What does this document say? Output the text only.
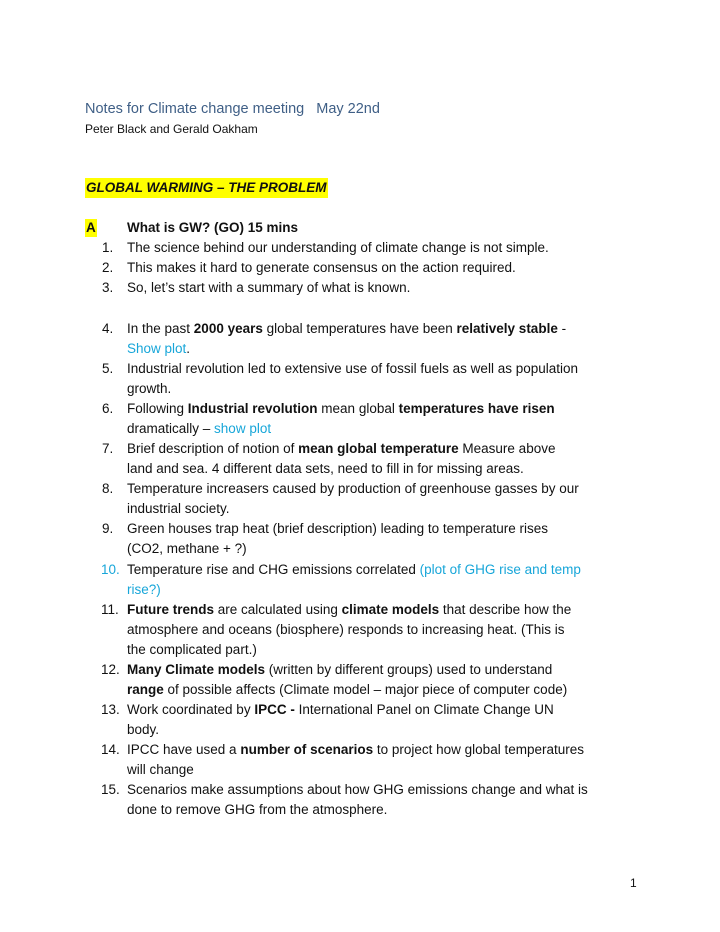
Notes for Climate change meeting May 22nd
Peter Black and Gerald Oakham
GLOBAL WARMING – THE PROBLEM
A What is GW? (GO) 15 mins
1. The science behind our understanding of climate change is not simple.
2. This makes it hard to generate consensus on the action required.
3. So, let’s start with a summary of what is known.
4. In the past 2000 years global temperatures have been relatively stable -
Show plot.
5. Industrial revolution led to extensive use of fossil fuels as well as population
growth.
6. Following Industrial revolution mean global temperatures have risen
dramatically – show plot
7. Brief description of notion of mean global temperature Measure above
land and sea. 4 different data sets, need to fill in for missing areas.
8. Temperature increasers caused by production of greenhouse gasses by our
industrial society.
9. Green houses trap heat (brief description) leading to temperature rises
(CO2, methane + ?)
10. Temperature rise and CHG emissions correlated (plot of GHG rise and temp
rise?)
11. Future trends are calculated using climate models that describe how the
atmosphere and oceans (biosphere) responds to increasing heat. (This is
the complicated part.)
12. Many Climate models (written by different groups) used to understand
range of possible affects (Climate model – major piece of computer code)
13. Work coordinated by IPCC - International Panel on Climate Change UN
body.
14. IPCC have used a number of scenarios to project how global temperatures
will change
15. Scenarios make assumptions about how GHG emissions change and what is
done to remove GHG from the atmosphere.
1
